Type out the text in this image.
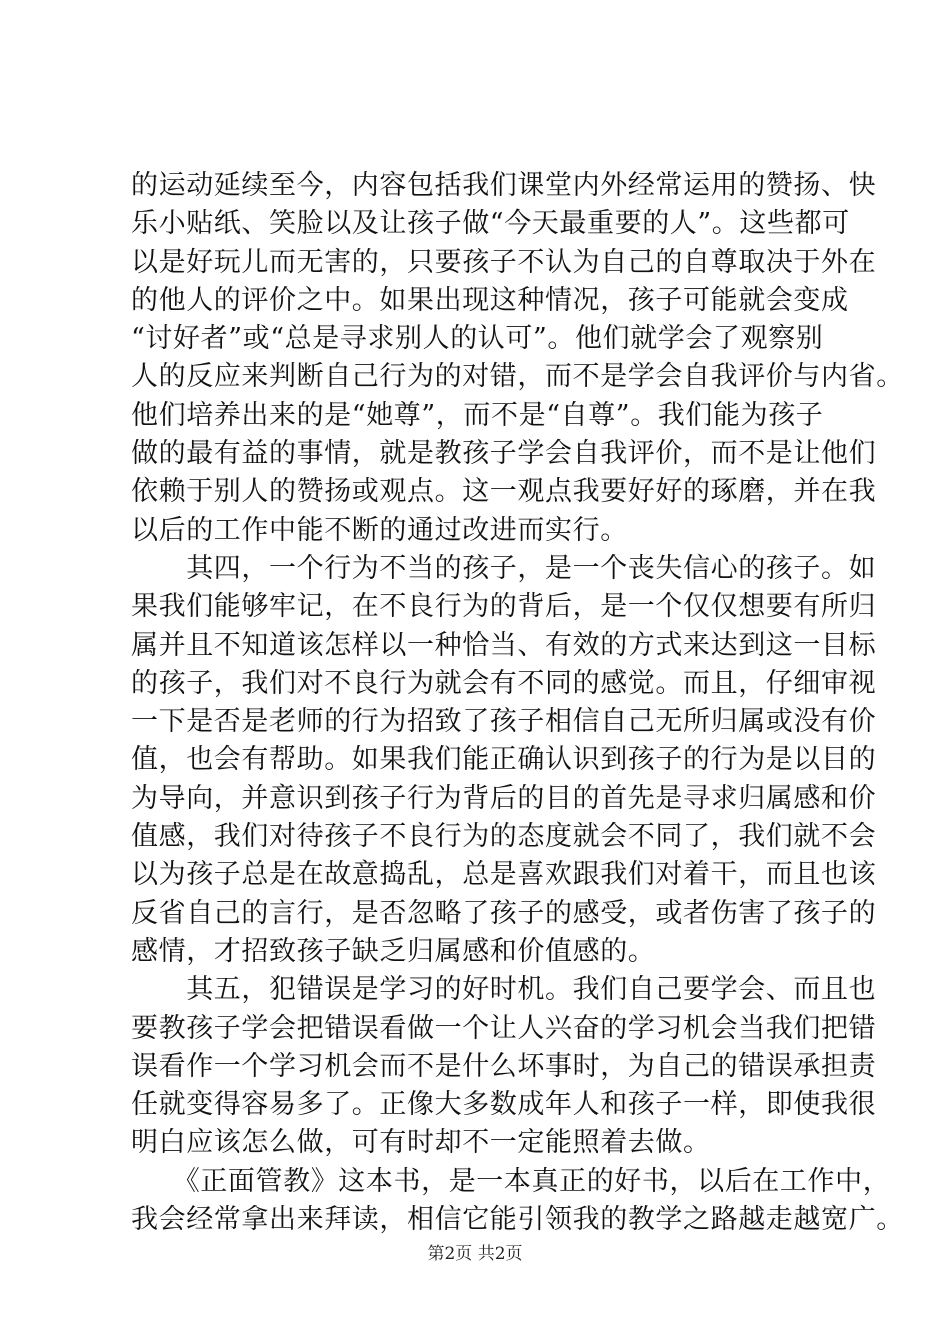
的运动延续至今，内容包括我们课堂内外经常运用的赞扬、快
乐小贴纸、笑脸以及让孩子做“今天最重要的人”。这些都可
以是好玩儿而无害的，只要孩子不认为自己的自尊取决于外在
的他人的评价之中。如果出现这种情况，孩子可能就会变成
“讨好者”或“总是寻求别人的认可”。他们就学会了观察别
人的反应来判断自己行为的对错，而不是学会自我评价与内省。
他们培养出来的是“她尊”，而不是“自尊”。我们能为孩子
做的最有益的事情，就是教孩子学会自我评价，而不是让他们
依赖于别人的赞扬或观点。这一观点我要好好的琢磨，并在我
以后的工作中能不断的通过改进而实行。
　　其四，一个行为不当的孩子，是一个丧失信心的孩子。如
果我们能够牢记，在不良行为的背后，是一个仅仅想要有所归
属并且不知道该怎样以一种恰当、有效的方式来达到这一目标
的孩子，我们对不良行为就会有不同的感觉。而且，仔细审视
一下是否是老师的行为招致了孩子相信自己无所归属或没有价
值，也会有帮助。如果我们能正确认识到孩子的行为是以目的
为导向，并意识到孩子行为背后的目的首先是寻求归属感和价
值感，我们对待孩子不良行为的态度就会不同了，我们就不会
以为孩子总是在故意捣乱，总是喜欢跟我们对着干，而且也该
反省自己的言行，是否忽略了孩子的感受，或者伤害了孩子的
感情，才招致孩子缺乏归属感和价值感的。
　　其五，犯错误是学习的好时机。我们自己要学会、而且也
要教孩子学会把错误看做一个让人兴奋的学习机会当我们把错
误看作一个学习机会而不是什么坏事时，为自己的错误承担责
任就变得容易多了。正像大多数成年人和孩子一样，即使我很
明白应该怎么做，可有时却不一定能照着去做。
　　《正面管教》这本书，是一本真正的好书，以后在工作中，
我会经常拿出来拜读，相信它能引领我的教学之路越走越宽广。
第2页 共2页
